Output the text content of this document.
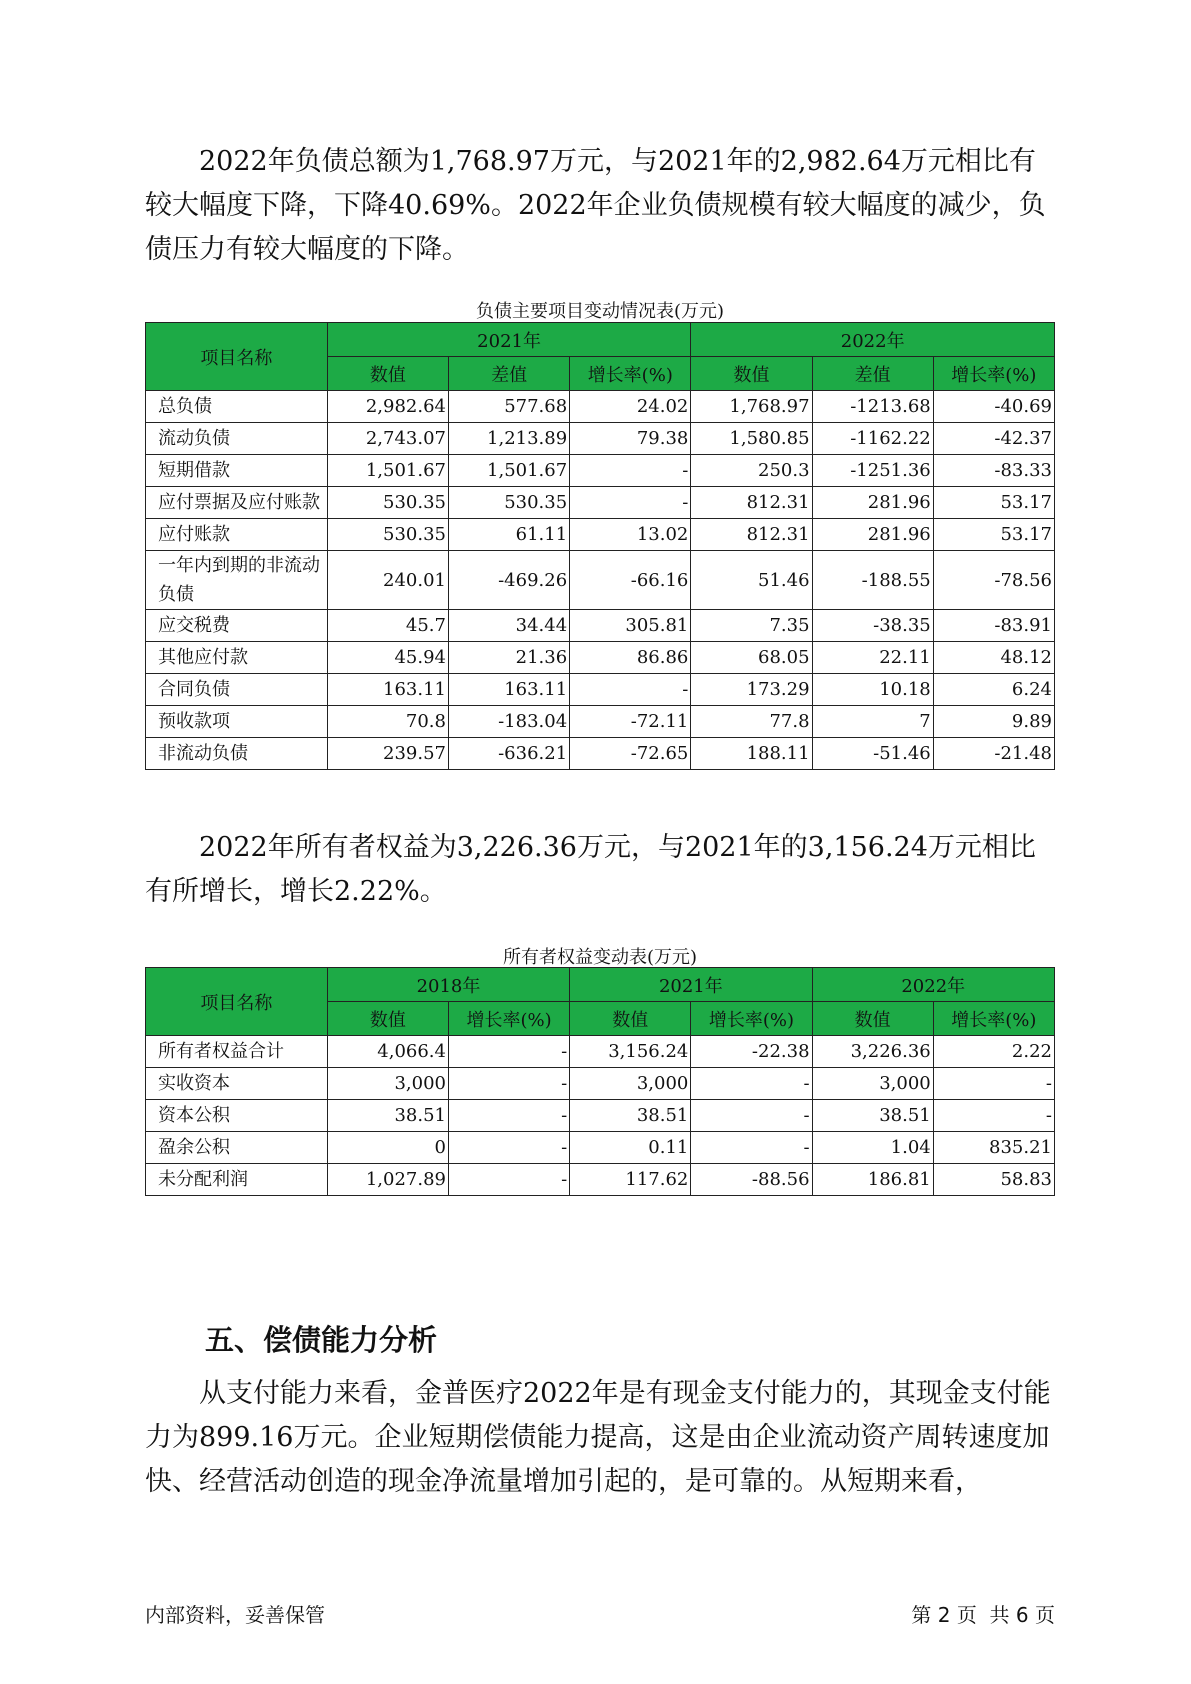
2022年负债总额为1,768.97万元，与2021年的2,982.64万元相比有较大幅度下降，下降40.69%。2022年企业负债规模有较大幅度的减少，负债压力有较大幅度的下降。

负债主要项目变动情况表(万元)

项目名称	2021年			2022年		
	数值	差值	增长率(%)	数值	差值	增长率(%)
总负债	2,982.64	577.68	24.02	1,768.97	-1213.68	-40.69
流动负债	2,743.07	1,213.89	79.38	1,580.85	-1162.22	-42.37
短期借款	1,501.67	1,501.67	-	250.3	-1251.36	-83.33
应付票据及应付账款	530.35	530.35	-	812.31	281.96	53.17
应付账款	530.35	61.11	13.02	812.31	281.96	53.17
一年内到期的非流动负债	240.01	-469.26	-66.16	51.46	-188.55	-78.56
应交税费	45.7	34.44	305.81	7.35	-38.35	-83.91
其他应付款	45.94	21.36	86.86	68.05	22.11	48.12
合同负债	163.11	163.11	-	173.29	10.18	6.24
预收款项	70.8	-183.04	-72.11	77.8	7	9.89
非流动负债	239.57	-636.21	-72.65	188.11	-51.46	-21.48

2022年所有者权益为3,226.36万元，与2021年的3,156.24万元相比有所增长，增长2.22%。

所有者权益变动表(万元)

项目名称	2018年		2021年		2022年	
	数值	增长率(%)	数值	增长率(%)	数值	增长率(%)
所有者权益合计	4,066.4	-	3,156.24	-22.38	3,226.36	2.22
实收资本	3,000	-	3,000	-	3,000	-
资本公积	38.51	-	38.51	-	38.51	-
盈余公积	0	-	0.11	-	1.04	835.21
未分配利润	1,027.89	-	117.62	-88.56	186.81	58.83
五、偿债能力分析

从支付能力来看，金普医疗2022年是有现金支付能力的，其现金支付能力为899.16万元。企业短期偿债能力提高，这是由企业流动资产周转速度加快、经营活动创造的现金净流量增加引起的，是可靠的。从短期来看，

内部资料，妥善保管	第 2 页  共 6 页
